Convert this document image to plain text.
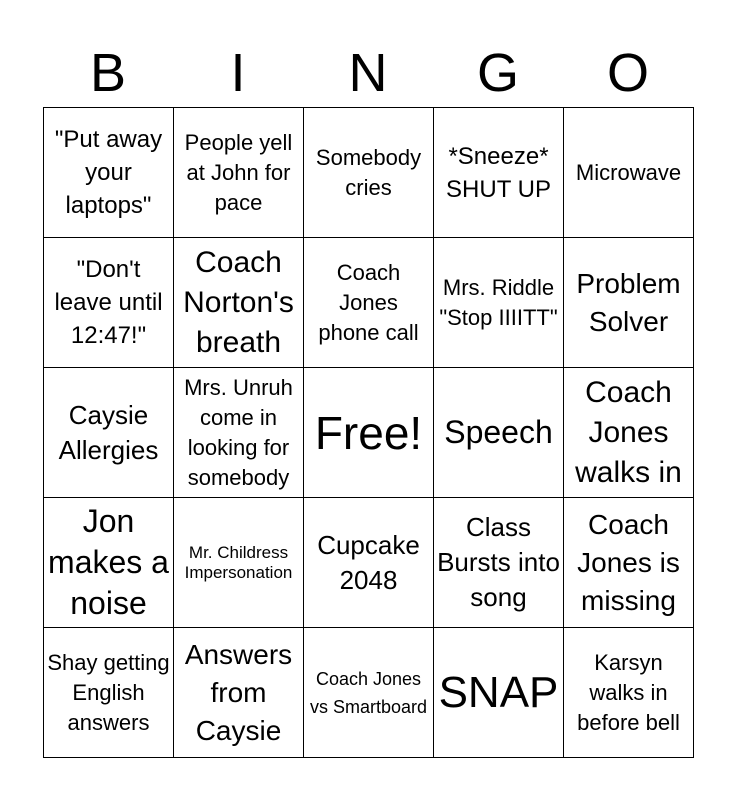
B	I	N	G	O
"Put away your laptops"	People yell at John for pace	Somebody cries	*Sneeze* SHUT UP	Microwave
"Don't leave until 12:47!"	Coach Norton's breath	Coach Jones phone call	Mrs. Riddle "Stop IIIITT"	Problem Solver
Caysie Allergies	Mrs. Unruh come in looking for somebody	Free!	Speech	Coach Jones walks in
Jon makes a noise	Mr. Childress Impersonation	Cupcake 2048	Class Bursts into song	Coach Jones is missing
Shay getting English answers	Answers from Caysie	Coach Jones vs Smartboard	SNAP	Karsyn walks in before bell
